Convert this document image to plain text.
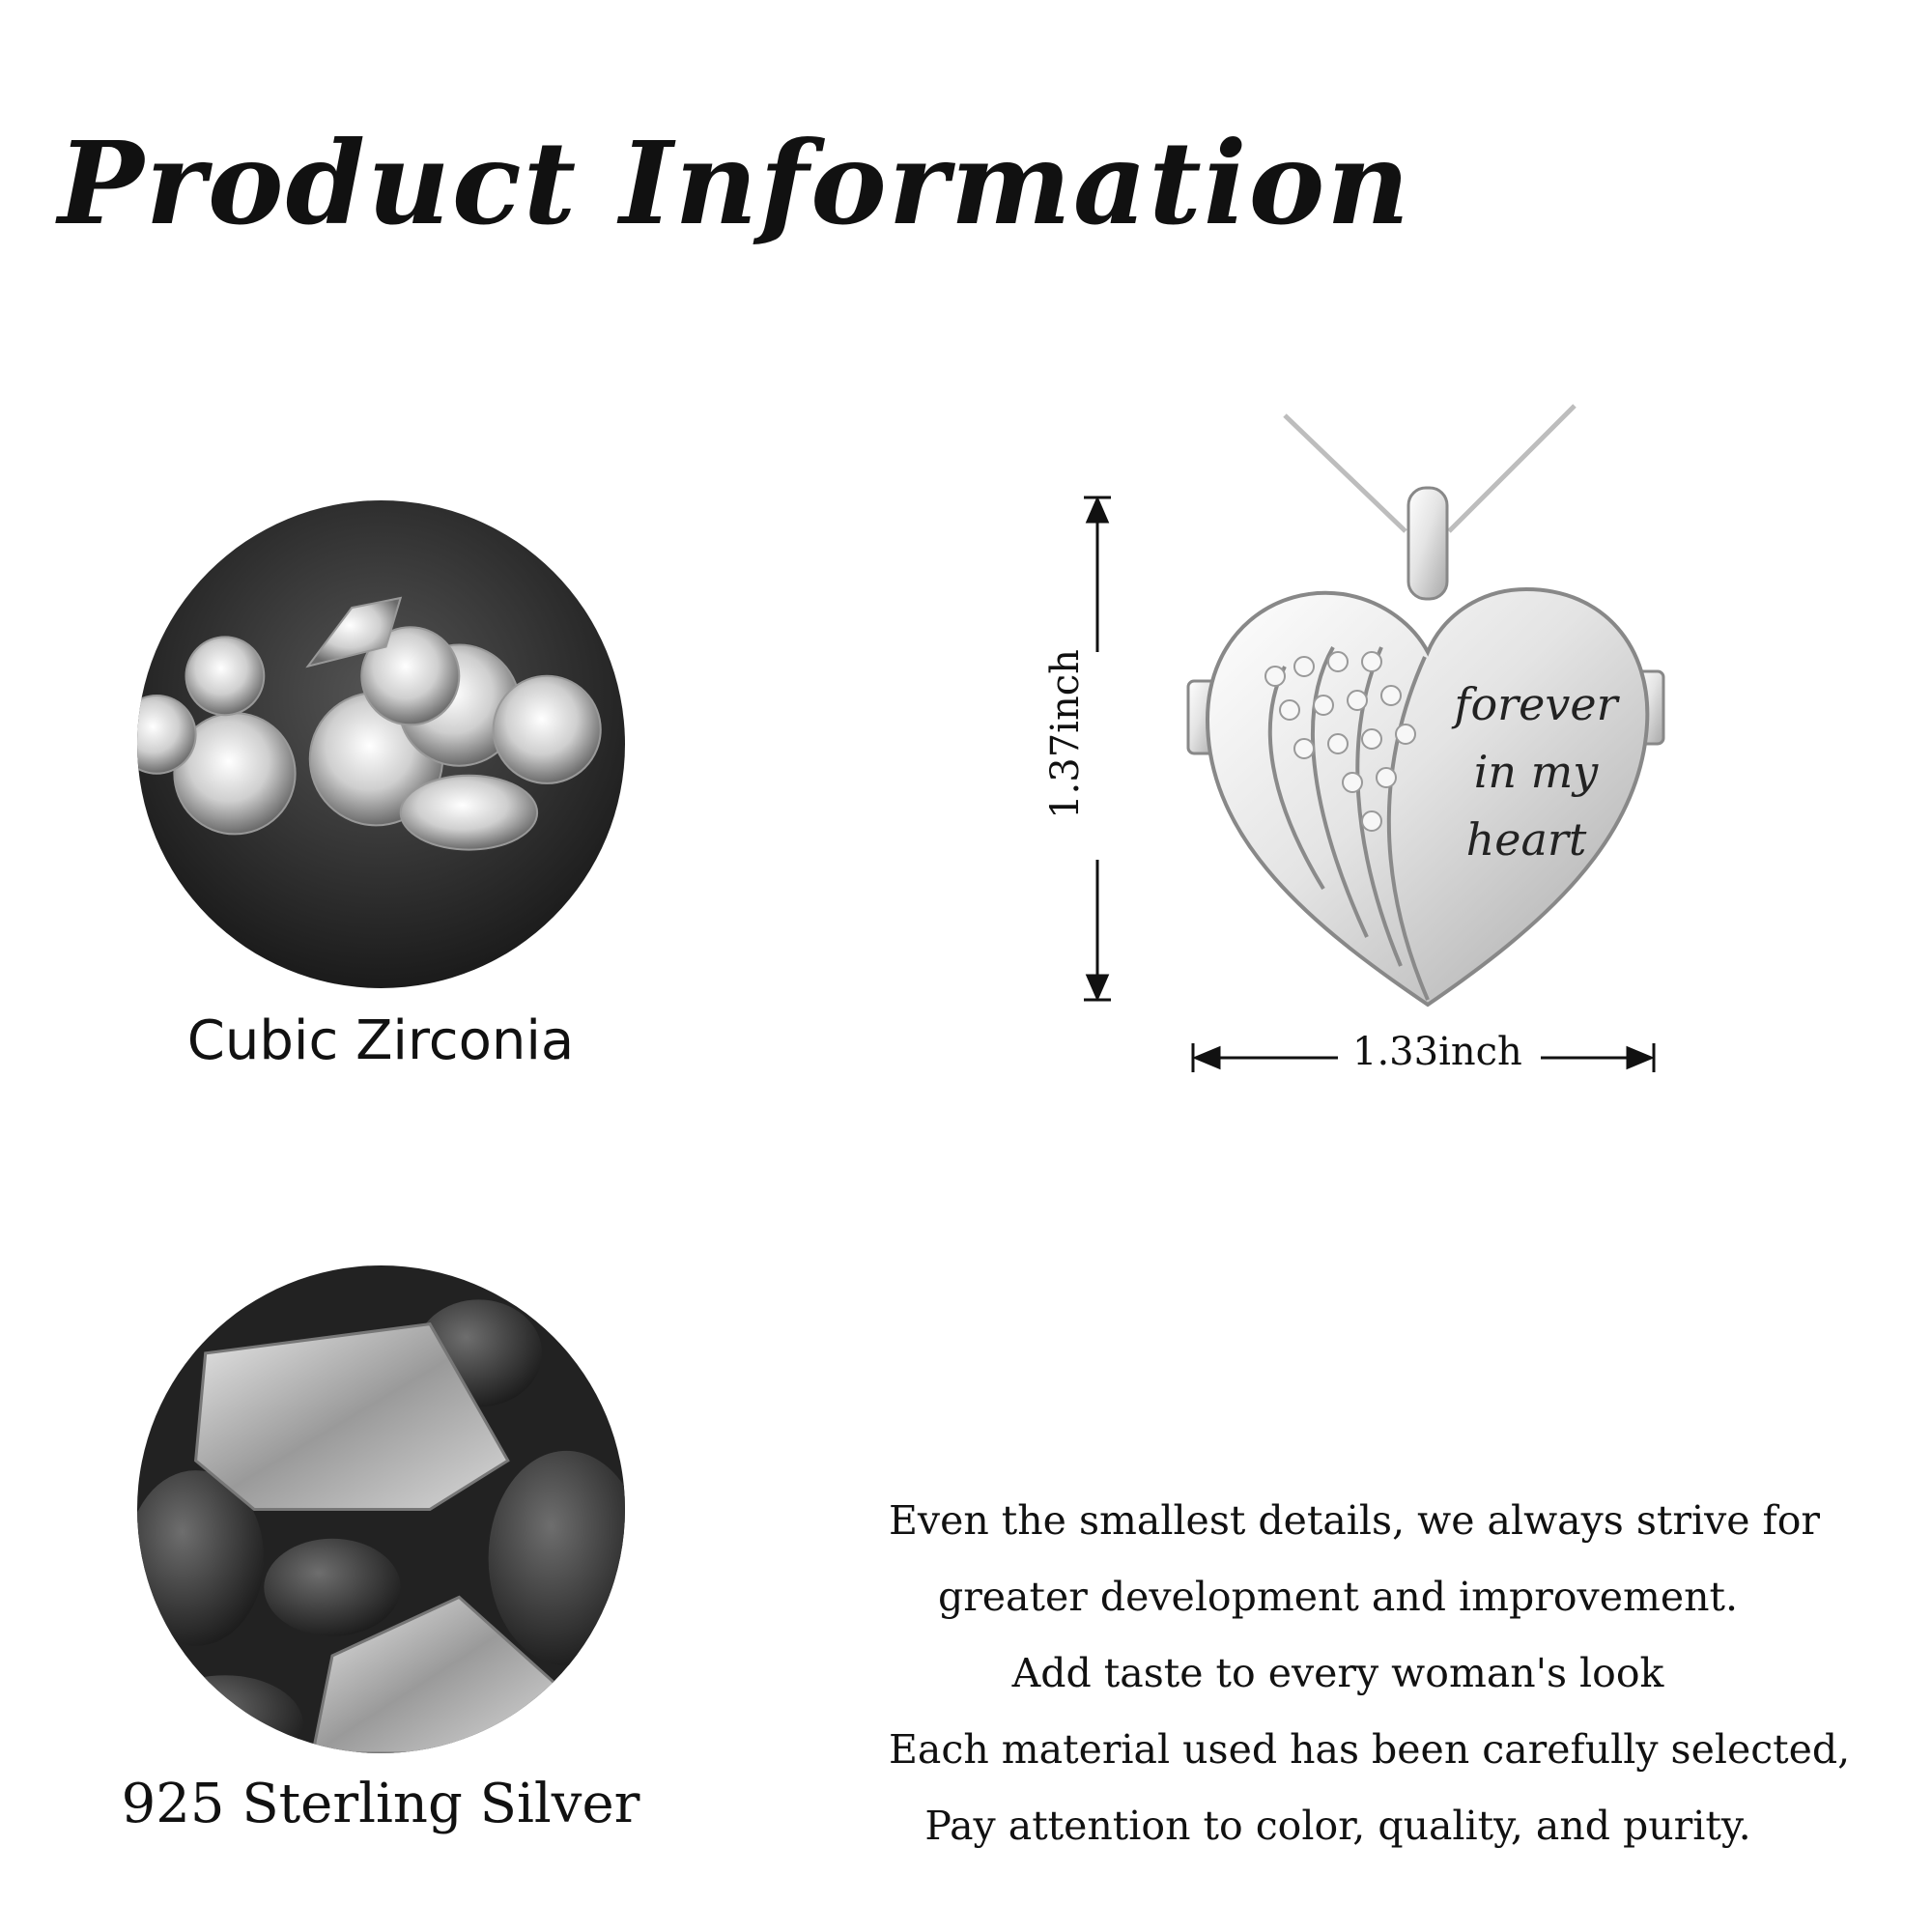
Product Information
Cubic Zirconia
925 Sterling Silver
forever
in my
heart
1.37inch
1.33inch
Even the smallest details, we always strive for
greater development and improvement.
Add taste to every woman's look
Each material used has been carefully selected,
Pay attention to color, quality, and purity.
